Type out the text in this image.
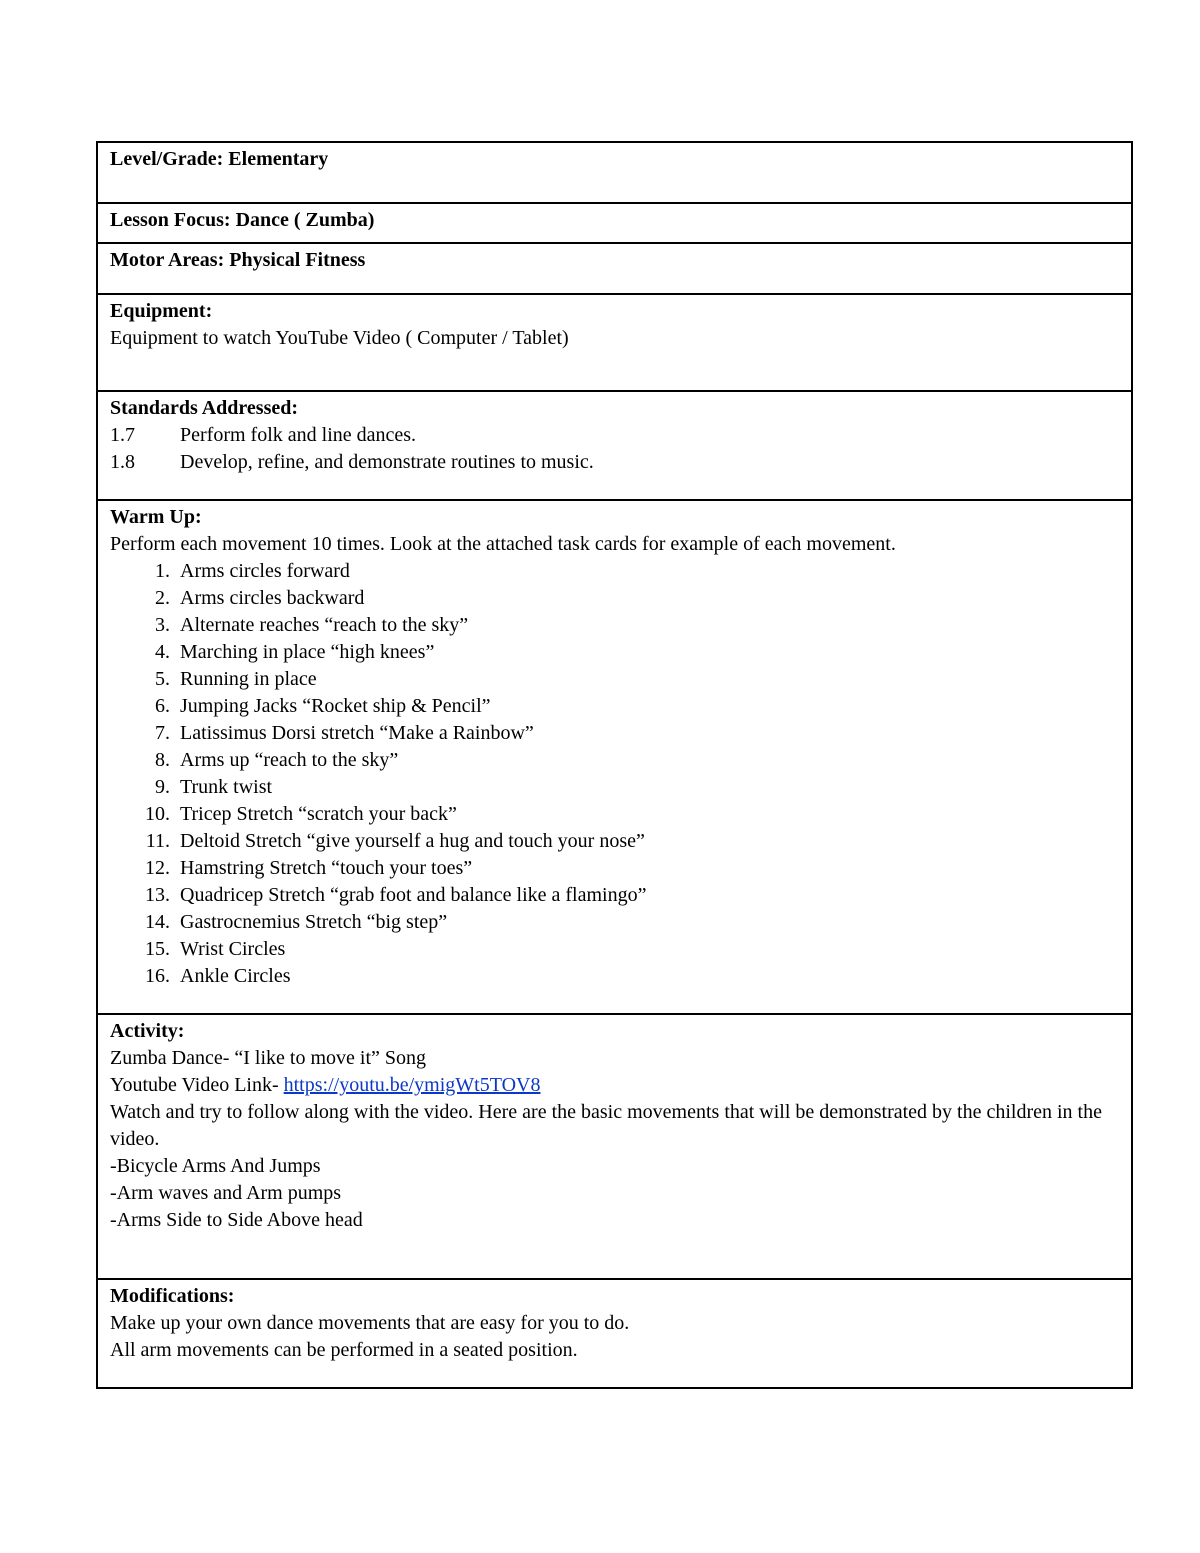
Level/Grade: Elementary
Lesson Focus: Dance ( Zumba)
Motor Areas: Physical Fitness
Equipment:
Equipment to watch YouTube Video ( Computer / Tablet)
Standards Addressed:
1.7	Perform folk and line dances.
1.8	Develop, refine, and demonstrate routines to music.
Warm Up:
Perform each movement 10 times. Look at the attached task cards for example of each movement.
1. Arms circles forward
2. Arms circles backward
3. Alternate reaches “reach to the sky”
4. Marching in place “high knees”
5. Running in place
6. Jumping Jacks “Rocket ship & Pencil”
7. Latissimus Dorsi stretch “Make a Rainbow”
8. Arms up “reach to the sky”
9. Trunk twist
10. Tricep Stretch “scratch your back”
11. Deltoid Stretch “give yourself a hug and touch your nose”
12. Hamstring Stretch “touch your toes”
13. Quadricep Stretch “grab foot and balance like a flamingo”
14. Gastrocnemius Stretch “big step”
15. Wrist Circles
16. Ankle Circles
Activity:
Zumba Dance- “I like to move it” Song
Youtube Video Link- https://youtu.be/ymigWt5TOV8
Watch and try to follow along with the video. Here are the basic movements that will be demonstrated by the children in the video.
-Bicycle Arms And Jumps
-Arm waves and Arm pumps
-Arms Side to Side Above head
Modifications:
Make up your own dance movements that are easy for you to do.
All arm movements can be performed in a seated position.
